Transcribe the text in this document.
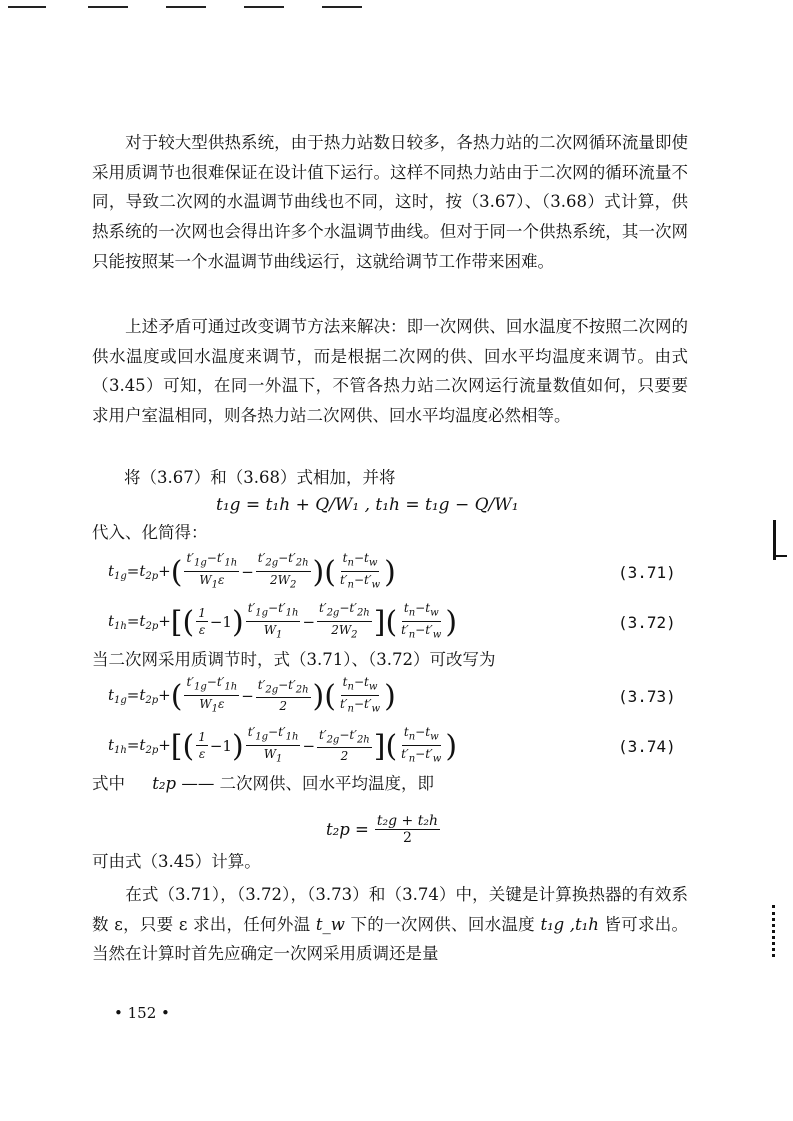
　　对于较大型供热系统，由于热力站数日较多，各热力站的二次网循环流量即使采用质调节也很难保证在设计值下运行。这样不同热力站由于二次网的循环流量不同，导致二次网的水温调节曲线也不同，这时，按（3.67）、（3.68）式计算，供热系统的一次网也会得出许多个水温调节曲线。但对于同一个供热系统，其一次网只能按照某一个水温调节曲线运行，这就给调节工作带来困难。
　　上述矛盾可通过改变调节方法来解决：即一次网供、回水温度不按照二次网的供水温度或回水温度来调节，而是根据二次网的供、回水平均温度来调节。由式（3.45）可知，在同一外温下，不管各热力站二次网运行流量数值如何，只要要求用户室温相同，则各热力站二次网供、回水平均温度必然相等。
将（3.67）和（3.68）式相加，并将
t₁g = t₁h + Q/W₁ , t₁h = t₁g − Q/W₁
代入、化简得：
$t_{1g}=t_{2p}+$ ( $\frac{t'_{1g}-t'_{1h}}{W_1\varepsilon} - \frac{t'_{2g}-t'_{2h}}{2W_2}$ )( $\frac{t_n-t_w}{t'_n-t'_w}$ )	(3.71)
$t_{1h}=t_{2p}+$ [( $\frac{1}{\varepsilon} -1$ ) $\frac{t'_{1g}-t'_{1h}}{W_1} - \frac{t'_{2g}-t'_{2h}}{2W_2}$ ]( $\frac{t_n-t_w}{t'_n-t'_w}$ )	(3.72)
当二次网采用质调节时，式（3.71）、（3.72）可改写为
$t_{1g}=t_{2p}+$ ( $\frac{t'_{1g}-t'_{1h}}{W_1\varepsilon} - \frac{t'_{2g}-t'_{2h}}{2}$ )( $\frac{t_n-t_w}{t'_n-t'_w}$ )	(3.73)
$t_{1h}=t_{2p}+$ [( $\frac{1}{\varepsilon} -1$ ) $\frac{t'_{1g}-t'_{1h}}{W_1} - \frac{t'_{2g}-t'_{2h}}{2}$ ]( $\frac{t_n-t_w}{t'_n-t'_w}$ )	(3.74)
式中 t₂p —— 二次网供、回水平均温度，即
$t_2p = \frac{\text{t₂g + t₂h}}{2}$
可由式（3.45）计算。
　　在式（3.71），（3.72），（3.73）和（3.74）中，关键是计算换热器的有效系数 ε，只要 ε 求出，任何外温 t_w 下的一次网供、回水温度 t₁g ,t₁h 皆可求出。当然在计算时首先应确定一次网采用质调还是量
• 152 •
